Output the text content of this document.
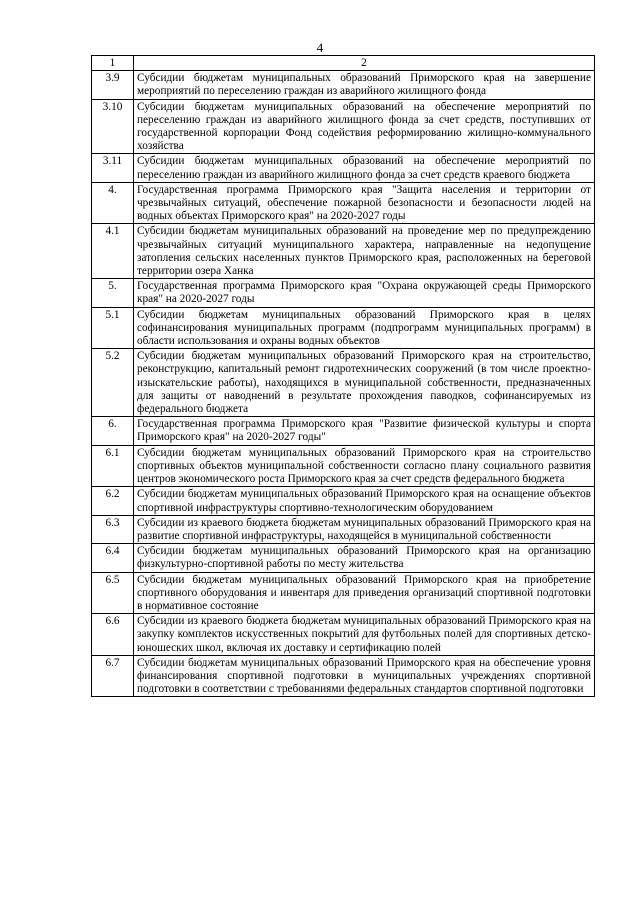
4
1	2
3.9	Субсидии бюджетам муниципальных образований Приморского края на завершение мероприятий по переселению граждан из аварийного жилищного фонда
3.10	Субсидии бюджетам муниципальных образований на обеспечение мероприятий по переселению граждан из аварийного жилищного фонда за счет средств, поступивших от государственной корпорации Фонд содействия реформированию жилищно-коммунального хозяйства
3.11	Субсидии бюджетам муниципальных образований на обеспечение мероприятий по переселению граждан из аварийного жилищного фонда за счет средств краевого бюджета
4.	Государственная программа Приморского края "Защита населения и территории от чрезвычайных ситуаций, обеспечение пожарной безопасности и безопасности людей на водных объектах Приморского края" на 2020-2027 годы
4.1	Субсидии бюджетам муниципальных образований на проведение мер по предупреждению чрезвычайных ситуаций муниципального характера, направленные на недопущение затопления сельских населенных пунктов Приморского края, расположенных на береговой территории озера Ханка
5.	Государственная программа Приморского края "Охрана окружающей среды Приморского края" на 2020-2027 годы
5.1	Субсидии бюджетам муниципальных образований Приморского края в целях софинансирования муниципальных программ (подпрограмм муниципальных программ) в области использования и охраны водных объектов
5.2	Субсидии бюджетам муниципальных образований Приморского края на строительство, реконструкцию, капитальный ремонт гидротехнических сооружений (в том числе проектно-изыскательские работы), находящихся в муниципальной собственности, предназначенных для защиты от наводнений в результате прохождения паводков, софинансируемых из федерального бюджета
6.	Государственная программа Приморского края "Развитие физической культуры и спорта Приморского края" на 2020-2027 годы"
6.1	Субсидии бюджетам муниципальных образований Приморского края на строительство спортивных объектов муниципальной собственности согласно плану социального развития центров экономического роста Приморского края за счет средств федерального бюджета
6.2	Субсидии бюджетам муниципальных образований Приморского края на оснащение объектов спортивной инфраструктуры спортивно-технологическим оборудованием
6.3	Субсидии из краевого бюджета бюджетам муниципальных образований Приморского края на развитие спортивной инфраструктуры, находящейся в муниципальной собственности
6.4	Субсидии бюджетам муниципальных образований Приморского края на организацию физкультурно-спортивной работы по месту жительства
6.5	Субсидии бюджетам муниципальных образований Приморского края на приобретение спортивного оборудования и инвентаря для приведения организаций спортивной подготовки в нормативное состояние
6.6	Субсидии из краевого бюджета бюджетам муниципальных образований Приморского края на закупку комплектов искусственных покрытий для футбольных полей для спортивных детско-юношеских школ, включая их доставку и сертификацию полей
6.7	Субсидии бюджетам муниципальных образований Приморского края на обеспечение уровня финансирования спортивной подготовки в муниципальных учреждениях спортивной подготовки в соответствии с требованиями федеральных стандартов спортивной подготовки
